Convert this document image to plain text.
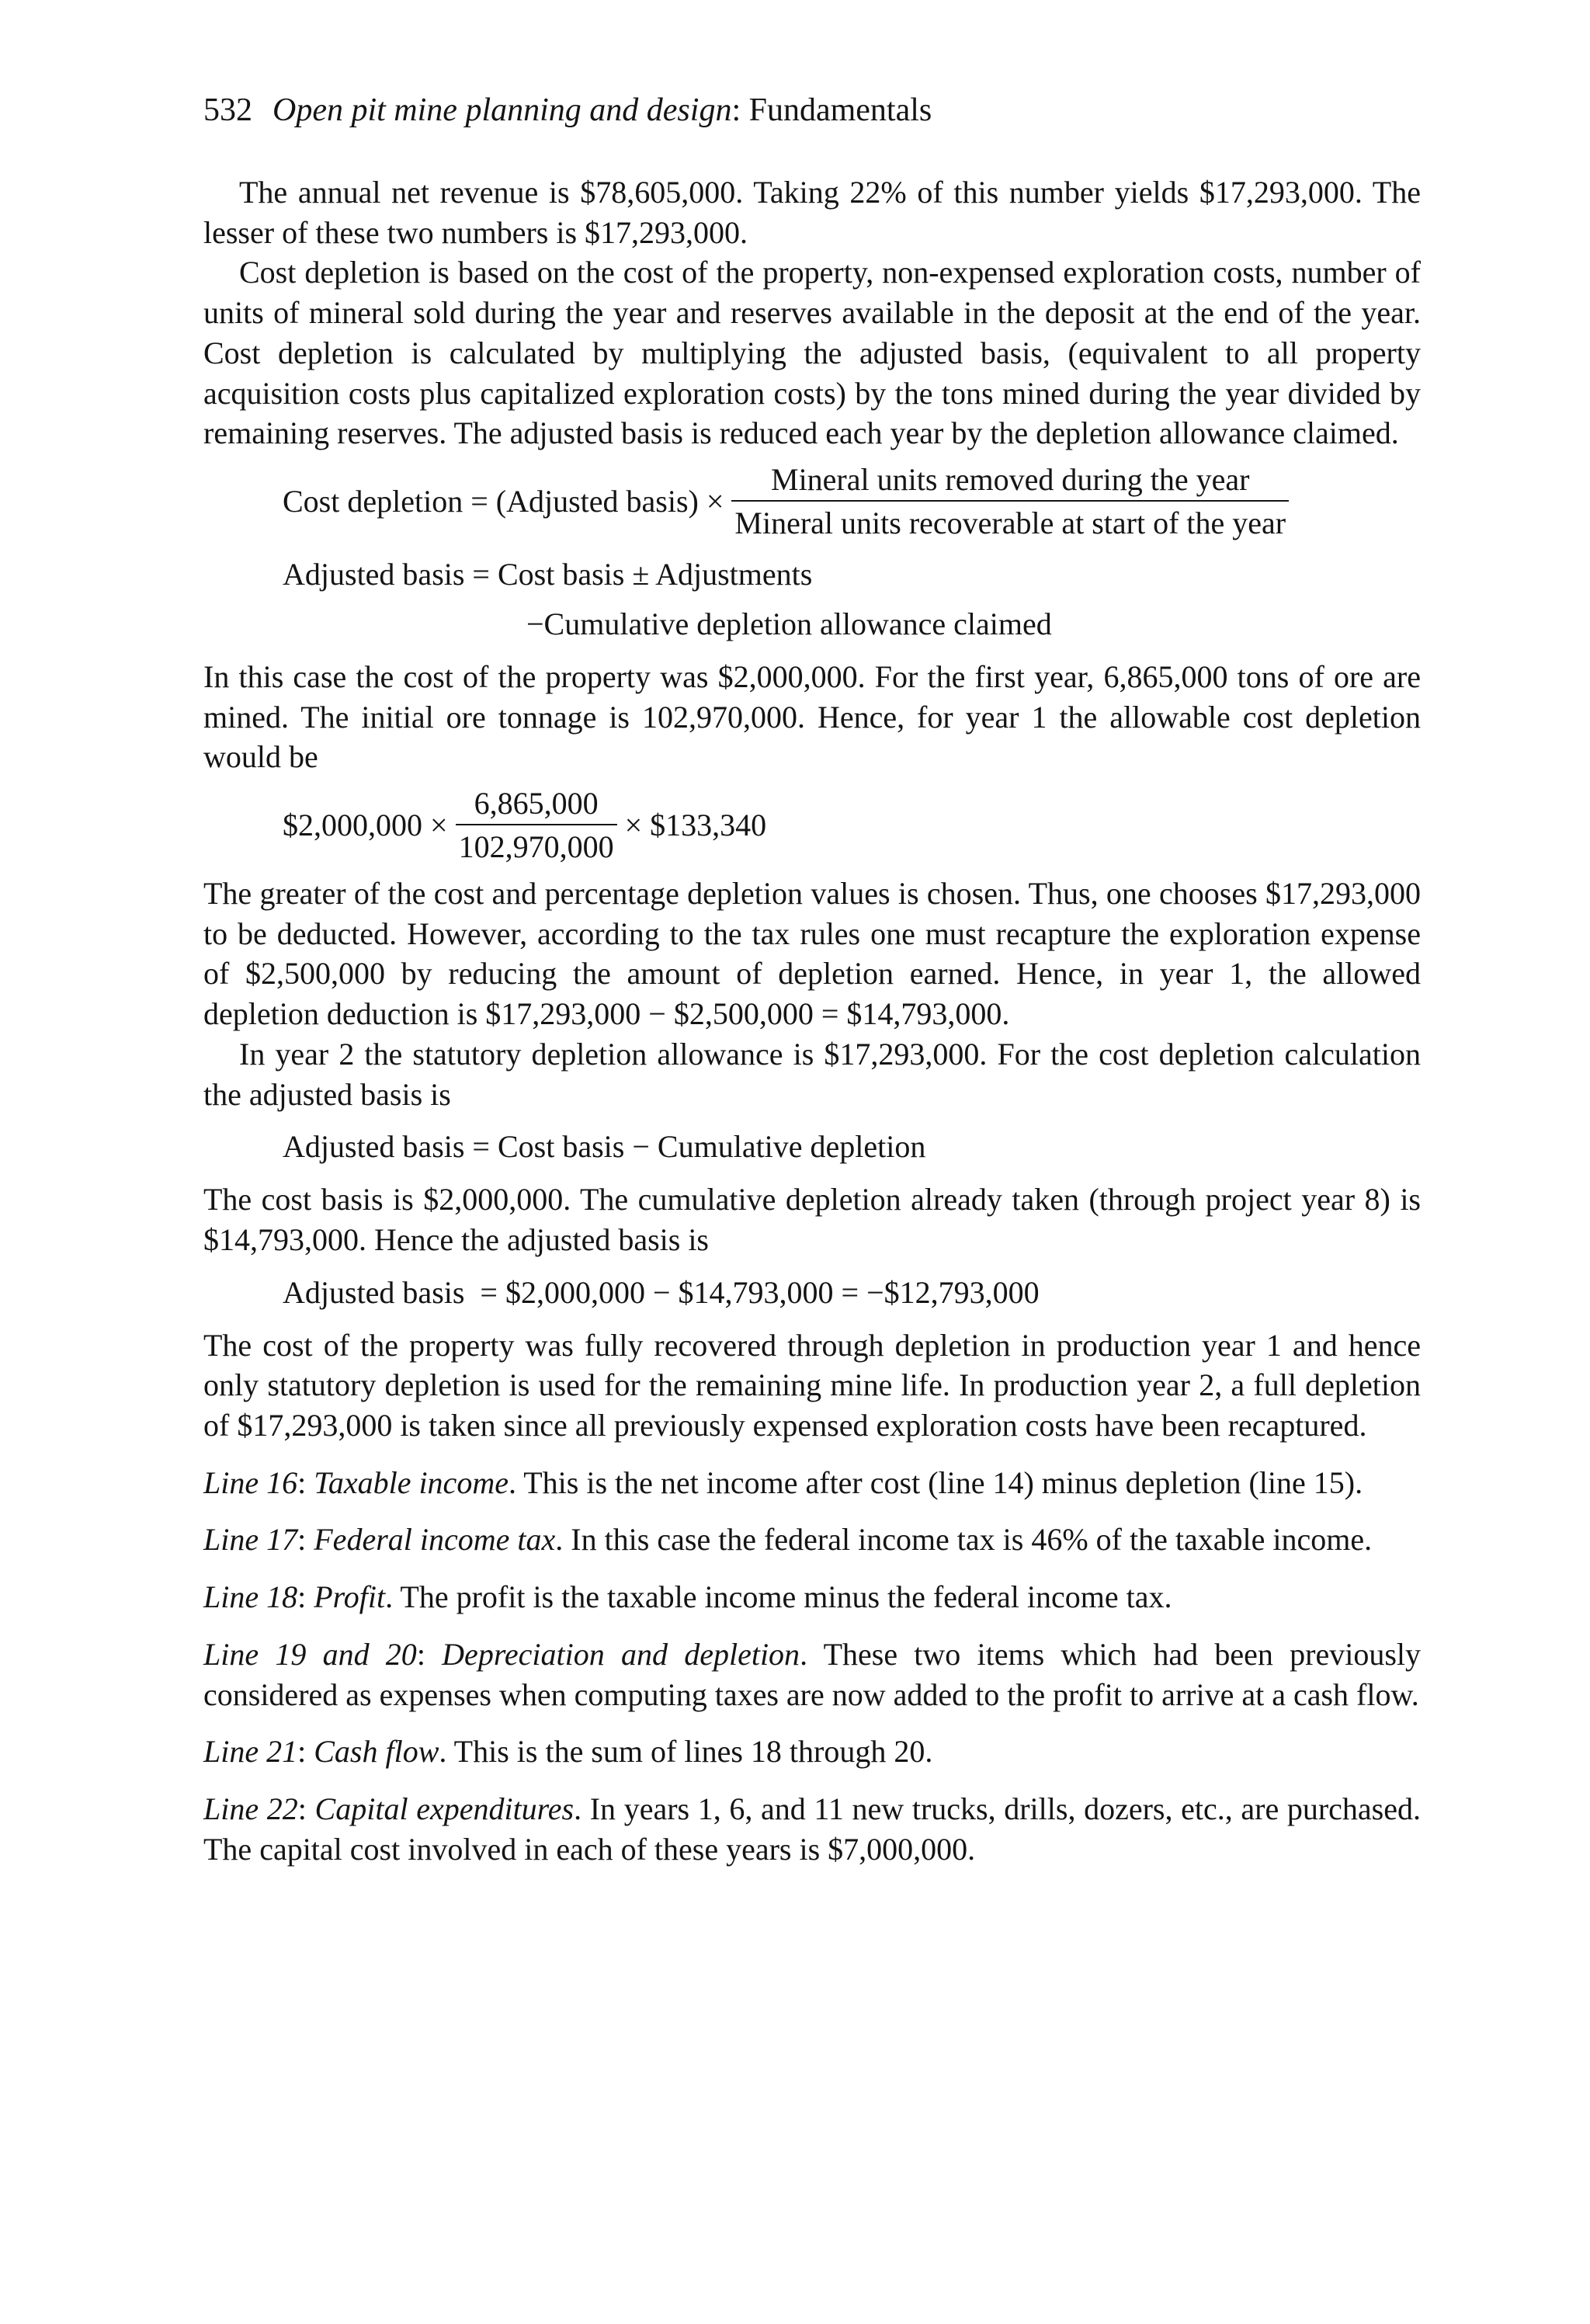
532 Open pit mine planning and design: Fundamentals

The annual net revenue is $78,605,000. Taking 22% of this number yields $17,293,000. The lesser of these two numbers is $17,293,000.

Cost depletion is based on the cost of the property, non-expensed exploration costs, number of units of mineral sold during the year and reserves available in the deposit at the end of the year. Cost depletion is calculated by multiplying the adjusted basis, (equivalent to all property acquisition costs plus capitalized exploration costs) by the tons mined during the year divided by remaining reserves. The adjusted basis is reduced each year by the depletion allowance claimed.

Cost depletion = (Adjusted basis) × $\frac{\text{Mineral units removed during the year}}{\text{Mineral units recoverable at start of the year}}$
Adjusted basis = Cost basis ± Adjustments
−Cumulative depletion allowance claimed

In this case the cost of the property was $2,000,000. For the first year, 6,865,000 tons of ore are mined. The initial ore tonnage is 102,970,000. Hence, for year 1 the allowable cost depletion would be

$2,000,000 × $\frac{6,865,000}{102,970,000}$ × $133,340

The greater of the cost and percentage depletion values is chosen. Thus, one chooses $17,293,000 to be deducted. However, according to the tax rules one must recapture the exploration expense of $2,500,000 by reducing the amount of depletion earned. Hence, in year 1, the allowed depletion deduction is $17,293,000 − $2,500,000 = $14,793,000.

In year 2 the statutory depletion allowance is $17,293,000. For the cost depletion calculation the adjusted basis is

Adjusted basis = Cost basis − Cumulative depletion

The cost basis is $2,000,000. The cumulative depletion already taken (through project year 8) is $14,793,000. Hence the adjusted basis is

Adjusted basis  = $2,000,000 − $14,793,000 = −$12,793,000

The cost of the property was fully recovered through depletion in production year 1 and hence only statutory depletion is used for the remaining mine life. In production year 2, a full depletion of $17,293,000 is taken since all previously expensed exploration costs have been recaptured.

Line 16: Taxable income. This is the net income after cost (line 14) minus depletion (line 15).

Line 17: Federal income tax. In this case the federal income tax is 46% of the taxable income.

Line 18: Profit. The profit is the taxable income minus the federal income tax.

Line 19 and 20: Depreciation and depletion. These two items which had been previously considered as expenses when computing taxes are now added to the profit to arrive at a cash flow.

Line 21: Cash flow. This is the sum of lines 18 through 20.

Line 22: Capital expenditures. In years 1, 6, and 11 new trucks, drills, dozers, etc., are purchased. The capital cost involved in each of these years is $7,000,000.
